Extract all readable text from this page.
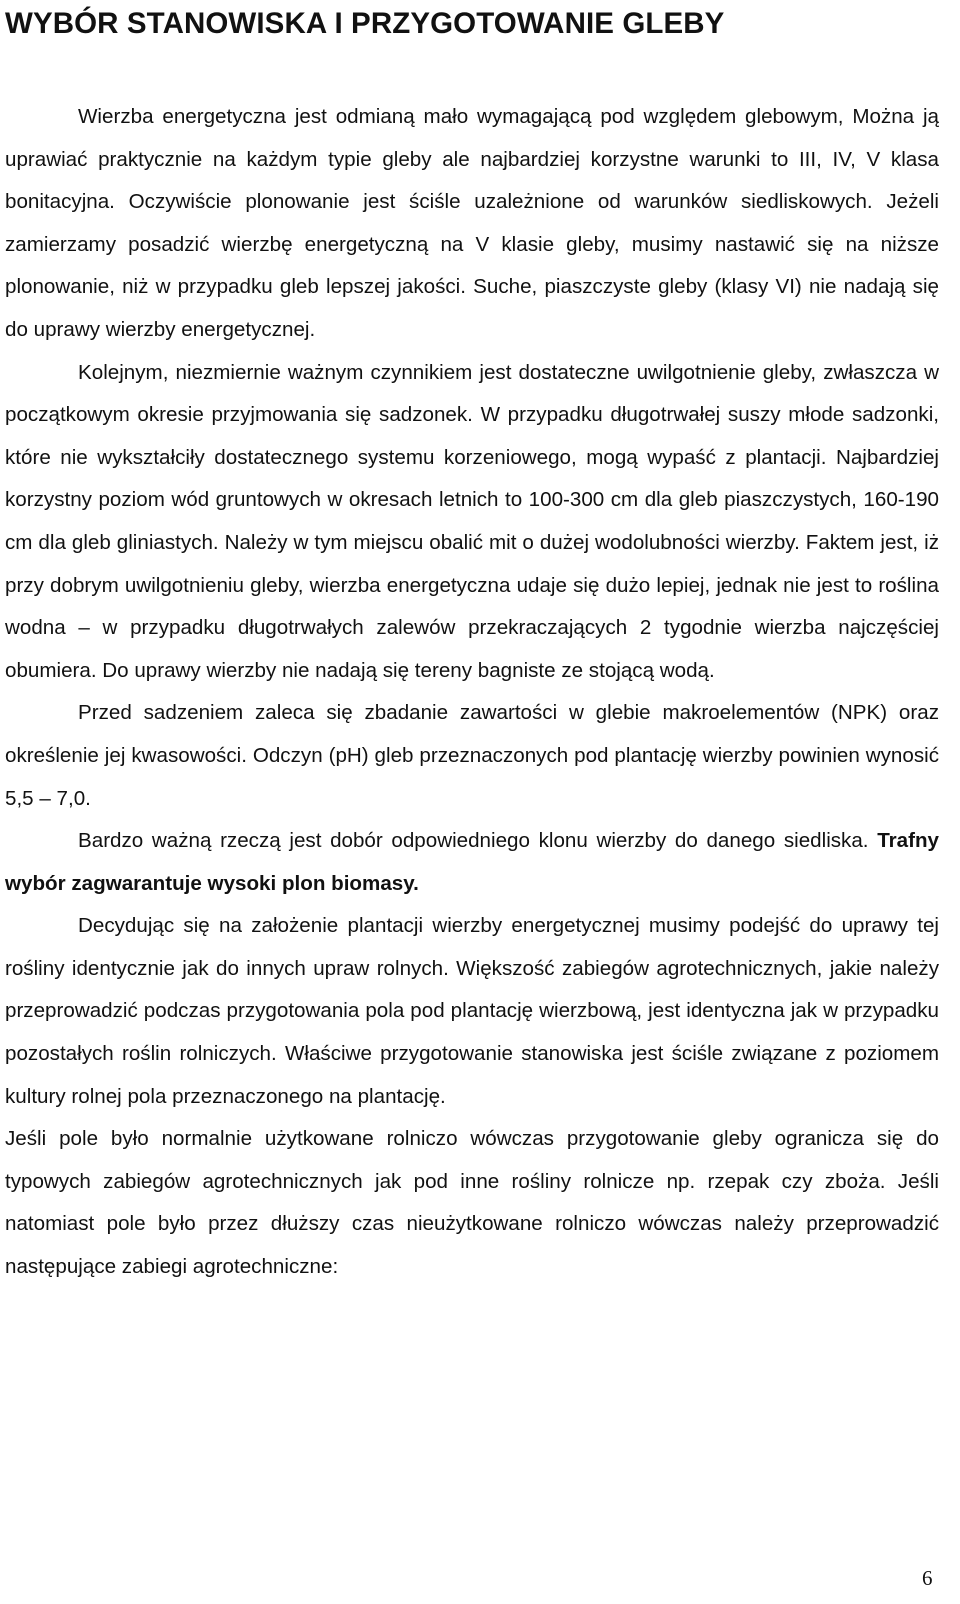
WYBÓR STANOWISKA I PRZYGOTOWANIE GLEBY

Wierzba energetyczna jest odmianą mało wymagającą pod względem glebowym, Można ją uprawiać praktycznie na każdym typie gleby ale najbardziej korzystne warunki to III, IV, V klasa bonitacyjna. Oczywiście plonowanie jest ściśle uzależnione od warunków siedliskowych. Jeżeli zamierzamy posadzić wierzbę energetyczną na V klasie gleby, musimy nastawić się na niższe plonowanie, niż w przypadku gleb lepszej jakości. Suche, piaszczyste gleby (klasy VI) nie nadają się do uprawy wierzby energetycznej.

Kolejnym, niezmiernie ważnym czynnikiem jest dostateczne uwilgotnienie gleby, zwłaszcza w początkowym okresie przyjmowania się sadzonek. W przypadku długotrwałej suszy młode sadzonki, które nie wykształciły dostatecznego systemu korzeniowego, mogą wypaść z plantacji. Najbardziej korzystny poziom wód gruntowych w okresach letnich to 100-300 cm dla gleb piaszczystych, 160-190 cm dla gleb gliniastych. Należy w tym miejscu obalić mit o dużej wodolubności wierzby. Faktem jest, iż przy dobrym uwilgotnieniu gleby, wierzba energetyczna udaje się dużo lepiej, jednak nie jest to roślina wodna – w przypadku długotrwałych zalewów przekraczających 2 tygodnie wierzba najczęściej obumiera. Do uprawy wierzby nie nadają się tereny bagniste ze stojącą wodą.

Przed sadzeniem zaleca się zbadanie zawartości w glebie makroelementów (NPK) oraz określenie jej kwasowości. Odczyn (pH) gleb przeznaczonych pod plantację wierzby powinien wynosić 5,5 – 7,0.

Bardzo ważną rzeczą jest dobór odpowiedniego klonu wierzby do danego siedliska. Trafny wybór zagwarantuje wysoki plon biomasy.

Decydując się na założenie plantacji wierzby energetycznej musimy podejść do uprawy tej rośliny identycznie jak do innych upraw rolnych. Większość zabiegów agrotechnicznych, jakie należy przeprowadzić podczas przygotowania pola pod plantację wierzbową, jest identyczna jak w przypadku pozostałych roślin rolniczych. Właściwe przygotowanie stanowiska jest ściśle związane z poziomem kultury rolnej pola przeznaczonego na plantację.

Jeśli pole było normalnie użytkowane rolniczo wówczas przygotowanie gleby ogranicza się do typowych zabiegów agrotechnicznych jak pod inne rośliny rolnicze np. rzepak czy zboża. Jeśli natomiast pole było przez dłuższy czas nieużytkowane rolniczo wówczas należy przeprowadzić następujące zabiegi agrotechniczne:

6
